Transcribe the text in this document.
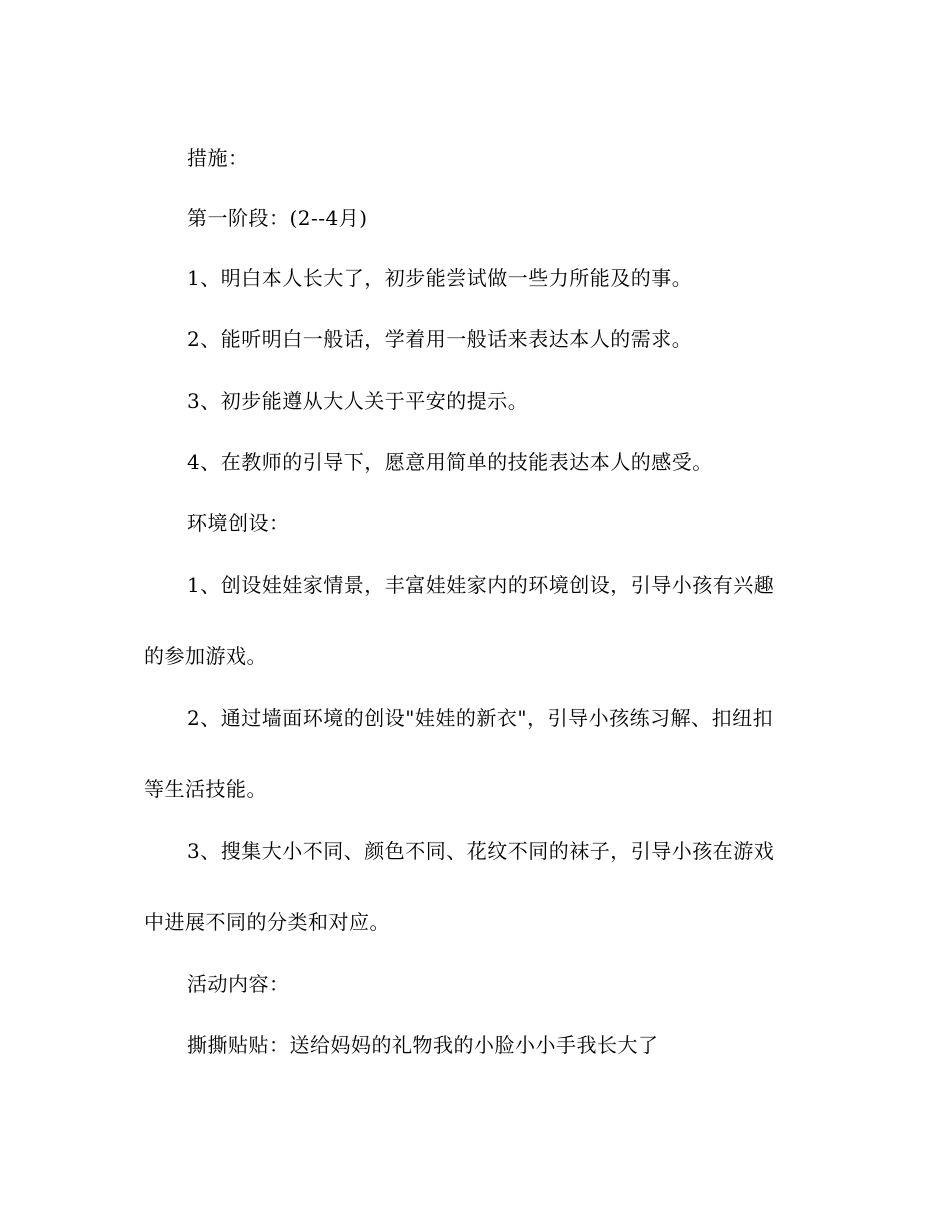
措施：
第一阶段：(2--4月)
1、明白本人长大了，初步能尝试做一些力所能及的事。
2、能听明白一般话，学着用一般话来表达本人的需求。
3、初步能遵从大人关于平安的提示。
4、在教师的引导下，愿意用简单的技能表达本人的感受。
环境创设：
1、创设娃娃家情景，丰富娃娃家内的环境创设，引导小孩有兴趣
的参加游戏。
2、通过墙面环境的创设"娃娃的新衣"，引导小孩练习解、扣纽扣
等生活技能。
3、搜集大小不同、颜色不同、花纹不同的袜子，引导小孩在游戏
中进展不同的分类和对应。
活动内容：
撕撕贴贴：送给妈妈的礼物我的小脸小小手我长大了
